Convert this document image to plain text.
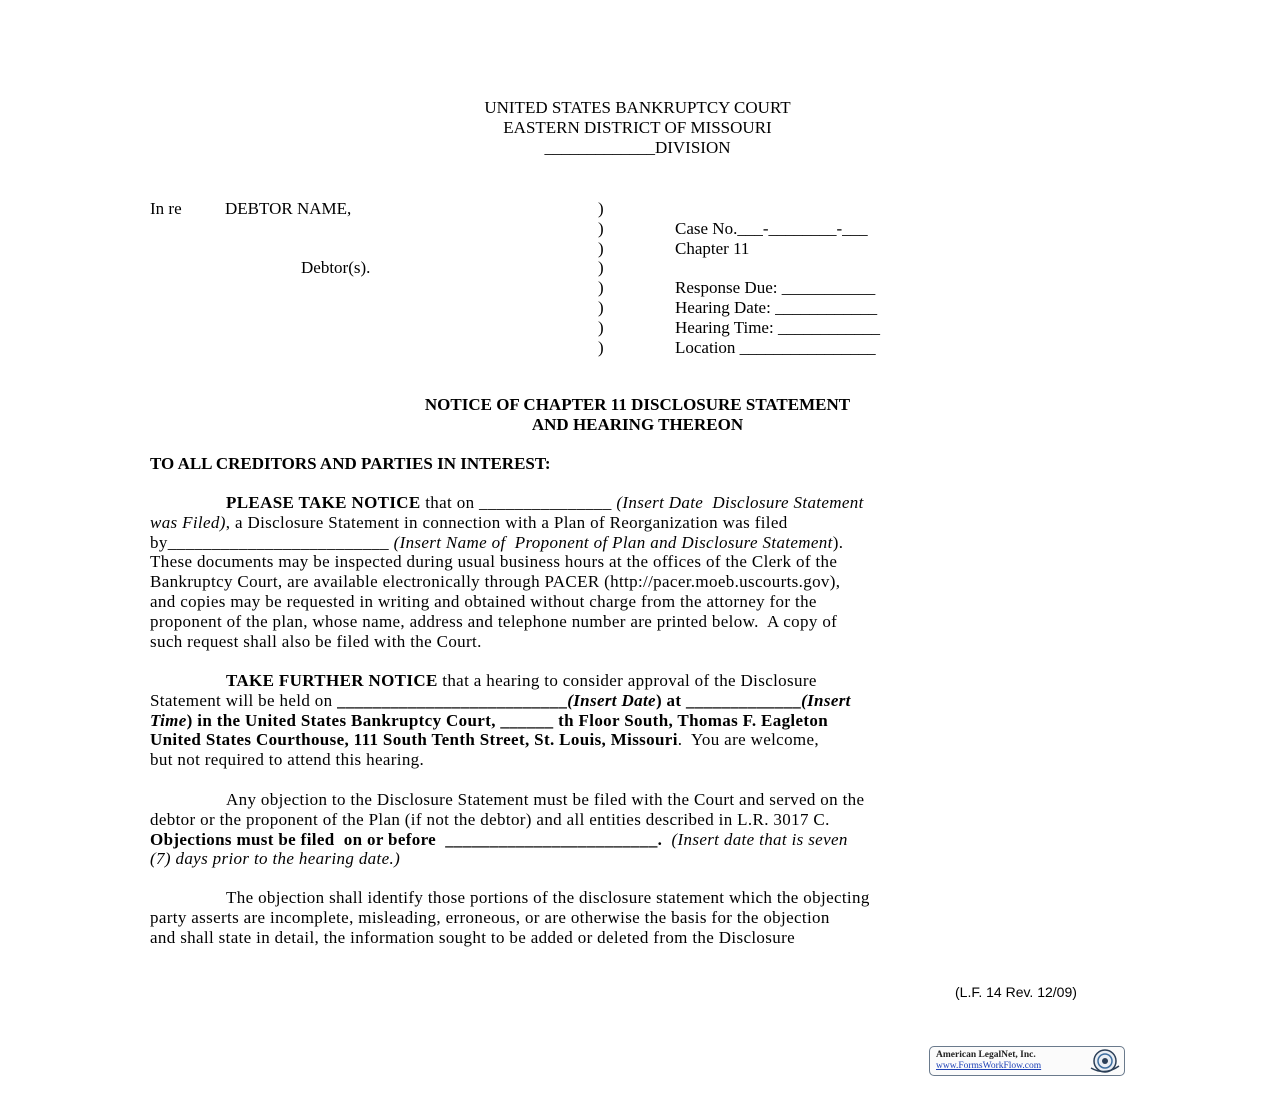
UNITED STATES BANKRUPTCY COURT
EASTERN DISTRICT OF MISSOURI
_____________DIVISION
In re	DEBTOR NAME,
Debtor(s).
)
)
)
)
)
)
)
)
Case No.___-________-___
Chapter 11
Response Due: ___________
Hearing Date: ____________
Hearing Time: ____________
Location ________________
NOTICE OF CHAPTER 11 DISCLOSURE STATEMENT
AND HEARING THEREON
TO ALL CREDITORS AND PARTIES IN INTEREST:
PLEASE TAKE NOTICE that on _______________ (Insert Date  Disclosure Statement
was Filed), a Disclosure Statement in connection with a Plan of Reorganization was filed
by_________________________ (Insert Name of  Proponent of Plan and Disclosure Statement).
These documents may be inspected during usual business hours at the offices of the Clerk of the
Bankruptcy Court, are available electronically through PACER (http://pacer.moeb.uscourts.gov),
and copies may be requested in writing and obtained without charge from the attorney for the
proponent of the plan, whose name, address and telephone number are printed below.  A copy of
such request shall also be filed with the Court.
TAKE FURTHER NOTICE that a hearing to consider approval of the Disclosure
Statement will be held on __________________________(Insert Date) at _____________(Insert
Time) in the United States Bankruptcy Court, ______ th Floor South, Thomas F. Eagleton
United States Courthouse, 111 South Tenth Street, St. Louis, Missouri.  You are welcome,
but not required to attend this hearing.
Any objection to the Disclosure Statement must be filed with the Court and served on the
debtor or the proponent of the Plan (if not the debtor) and all entities described in L.R. 3017 C.
Objections must be filed  on or before  ________________________.  (Insert date that is seven
(7) days prior to the hearing date.)
The objection shall identify those portions of the disclosure statement which the objecting
party asserts are incomplete, misleading, erroneous, or are otherwise the basis for the objection
and shall state in detail, the information sought to be added or deleted from the Disclosure
(L.F. 14 Rev. 12/09)
American LegalNet, Inc.
www.FormsWorkFlow.com
